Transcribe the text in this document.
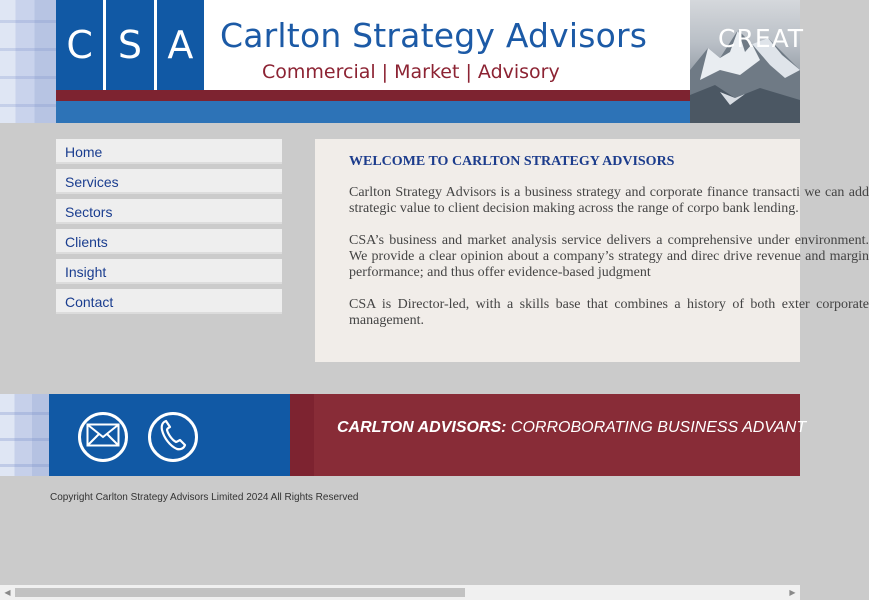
C S A Carlton Strategy Advisors
Commercial | Market | Advisory
CREAT
Home
Services
Sectors
Clients
Insight
Contact
WELCOME TO CARLTON STRATEGY ADVISORS

Carlton Strategy Advisors is a business strategy and corporate finance transacti we can add strategic value to client decision making across the range of corpo bank lending.

CSA’s business and market analysis service delivers a comprehensive under environment. We provide a clear opinion about a company’s strategy and direc drive revenue and margin performance; and thus offer evidence-based judgment

CSA is Director-led, with a skills base that combines a history of both exter corporate management.

CARLTON ADVISORS: CORROBORATING BUSINESS ADVANT
Copyright Carlton Strategy Advisors Limited 2024 All Rights Reserved
◀	▶
